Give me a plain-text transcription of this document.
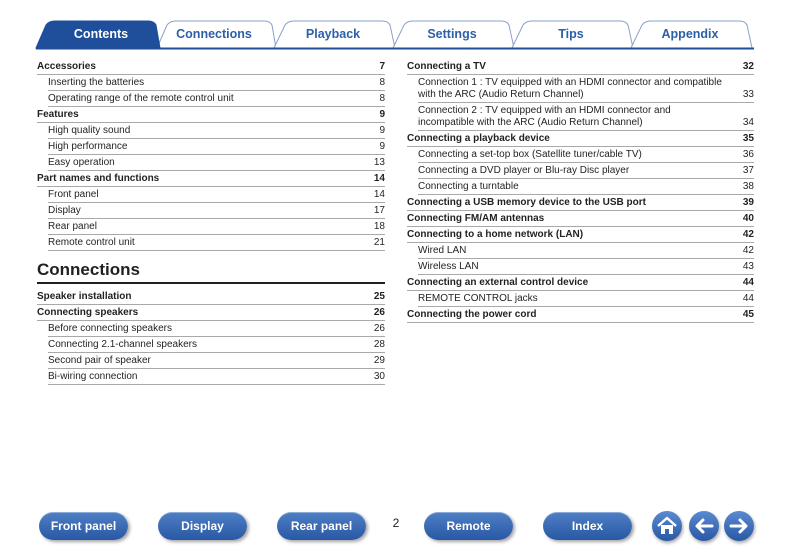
Contents	Connections	Playback	Settings	Tips	Appendix
Accessories	7
Inserting the batteries	8
Operating range of the remote control unit	8
Features	9
High quality sound	9
High performance	9
Easy operation	13
Part names and functions	14
Front panel	14
Display	17
Rear panel	18
Remote control unit	21
Connections
Speaker installation	25
Connecting speakers	26
Before connecting speakers	26
Connecting 2.1-channel speakers	28
Second pair of speaker	29
Bi-wiring connection	30
Connecting a TV	32
Connection 1 : TV equipped with an HDMI connector and compatible with the ARC (Audio Return Channel)	33
Connection 2 : TV equipped with an HDMI connector and incompatible with the ARC (Audio Return Channel)	34
Connecting a playback device	35
Connecting a set-top box (Satellite tuner/cable TV)	36
Connecting a DVD player or Blu-ray Disc player	37
Connecting a turntable	38
Connecting a USB memory device to the USB port	39
Connecting FM/AM antennas	40
Connecting to a home network (LAN)	42
Wired LAN	42
Wireless LAN	43
Connecting an external control device	44
REMOTE CONTROL jacks	44
Connecting the power cord	45
Front panel	Display	Rear panel	2	Remote	Index
